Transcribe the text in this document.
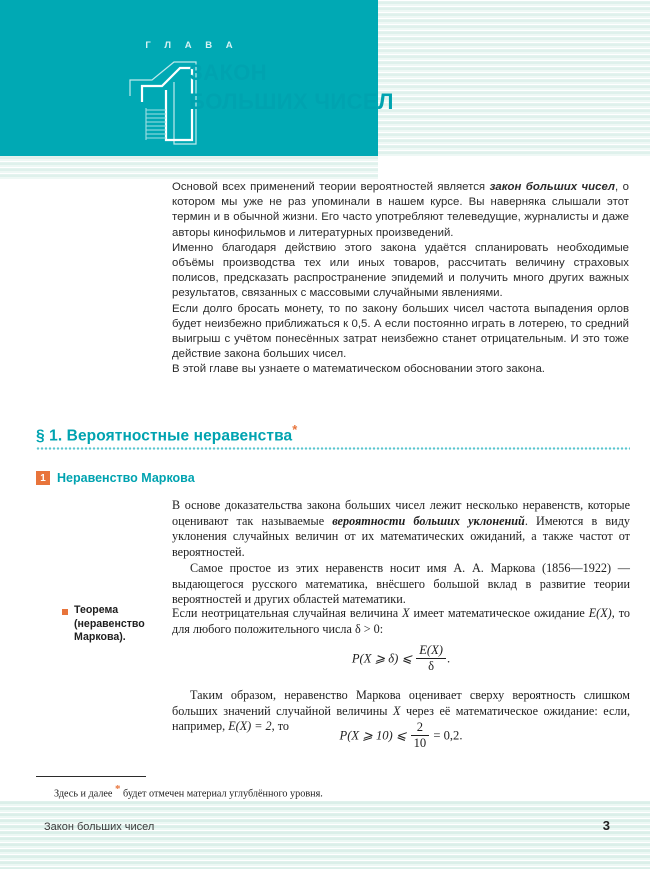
Г Л А В А
ЗАКОН
БОЛЬШИХ ЧИСЕЛ

Основой всех применений теории вероятностей является закон больших чисел, о котором мы уже не раз упоминали в нашем курсе. Вы наверняка слышали этот термин и в обычной жизни. Его часто употребляют телеведущие, журналисты и даже авторы кинофильмов и литературных произведений.

Именно благодаря действию этого закона удаётся спланировать необходимые объёмы производства тех или иных товаров, рассчитать величину страховых полисов, предсказать распространение эпидемий и получить много других важных результатов, связанных с массовыми случайными явлениями.

Если долго бросать монету, то по закону больших чисел частота выпадения орлов будет неизбежно приближаться к 0,5. А если постоянно играть в лотерею, то средний выигрыш с учётом понесённых затрат неизбежно станет отрицательным. И это тоже действие закона больших чисел.

В этой главе вы узнаете о математическом обосновании этого закона.

§ 1. Вероятностные неравенства*
1 Неравенство Маркова

В основе доказательства закона больших чисел лежит несколько неравенств, которые оценивают так называемые вероятности больших уклонений. Имеются в виду уклонения случайных величин от их математических ожиданий, а также частот от вероятностей.

Самое простое из этих неравенств носит имя А. А. Маркова (1856—1922) — выдающегося русского математика, внёсшего большой вклад в развитие теории вероятностей и других областей математики.

Теорема
(неравенство
Маркова).

Если неотрицательная случайная величина X имеет математическое ожидание E(X), то для любого положительного числа δ > 0:

P(X ⩾ δ) ⩽ $\frac{E(X)}{\delta}$ .

Таким образом, неравенство Маркова оценивает сверху вероятность слишком больших значений случайной величины X через её математическое ожидание: если, например, E(X) = 2, то

P(X ⩾ 10) ⩽ $\frac{2}{10} = 0,2$.
Здесь и далее * будет отмечен материал углублённого уровня.
Закон больших чисел	3
